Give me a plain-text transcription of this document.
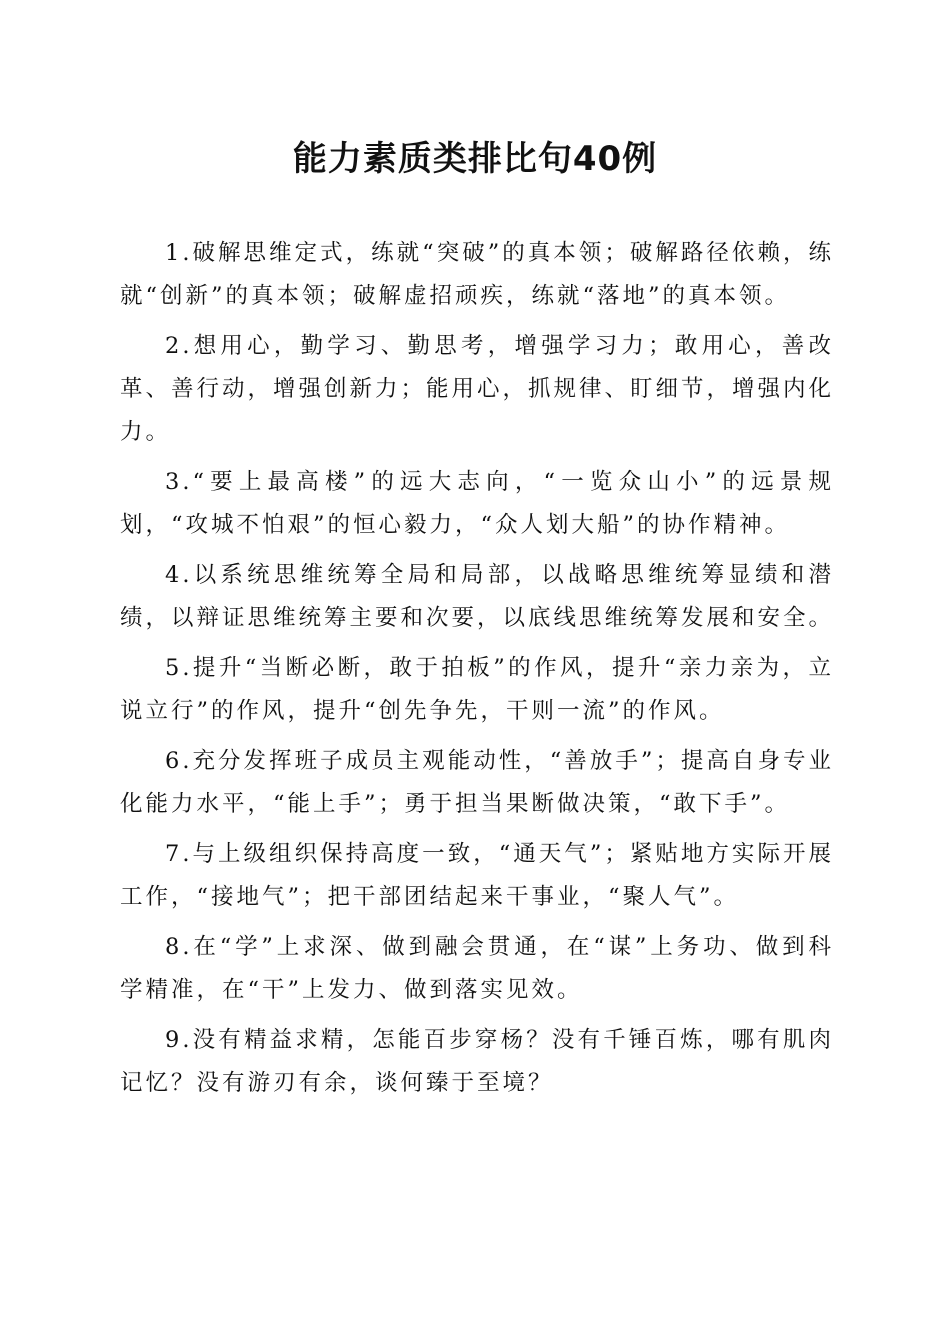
能力素质类排比句40例

1.破解思维定式，练就“突破”的真本领；破解路径依赖，练就“创新”的真本领；破解虚招顽疾，练就“落地”的真本领。

2.想用心，勤学习、勤思考，增强学习力；敢用心，善改革、善行动，增强创新力；能用心，抓规律、盯细节，增强内化力。

3.“要上最高楼”的远大志向，“一览众山小”的远景规划，“攻城不怕艰”的恒心毅力，“众人划大船”的协作精神。

4.以系统思维统筹全局和局部，以战略思维统筹显绩和潜绩，以辩证思维统筹主要和次要，以底线思维统筹发展和安全。

5.提升“当断必断，敢于拍板”的作风，提升“亲力亲为，立说立行”的作风，提升“创先争先，干则一流”的作风。

6.充分发挥班子成员主观能动性，“善放手”；提高自身专业化能力水平，“能上手”；勇于担当果断做决策，“敢下手”。

7.与上级组织保持高度一致，“通天气”；紧贴地方实际开展工作，“接地气”；把干部团结起来干事业，“聚人气”。

8.在“学”上求深、做到融会贯通，在“谋”上务功、做到科学精准，在“干”上发力、做到落实见效。

9.没有精益求精，怎能百步穿杨？没有千锤百炼，哪有肌肉记忆？没有游刃有余，谈何臻于至境？
